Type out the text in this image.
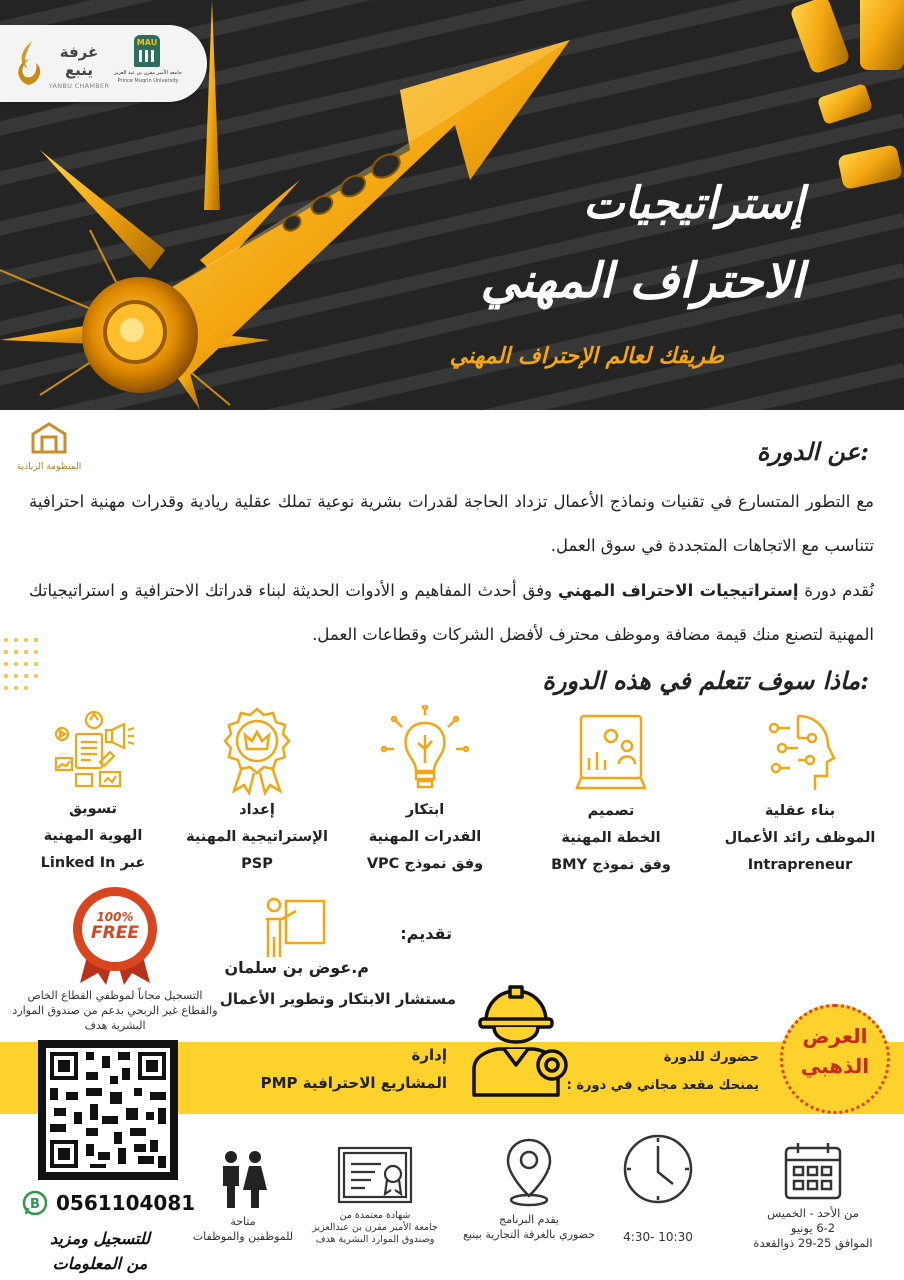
غرفة ينبع
YANBU CHAMBER
MAU
جامعة الأمير مقرن بن عبد العزيز
Prince Muqrin University
إستراتيجيات
الاحتراف المهني
طريقك لعالم الإحتراف المهني
المنظومة الريادية
عن الدورة:
مع التطور المتسارع في تقنيات ونماذج الأعمال تزداد الحاجة لقدرات بشرية نوعية تملك عقلية ريادية وقدرات مهنية احترافية تتناسب مع الاتجاهات المتجددة في سوق العمل.
نُقدم دورة إستراتيجيات الاحتراف المهني وفق أحدث المفاهيم و الأدوات الحديثة لبناء قدراتك الاحترافية و استراتيجياتك المهنية لتصنع منك قيمة مضافة وموظف محترف لأفضل الشركات وقطاعات العمل.
ماذا سوف تتعلم في هذه الدورة:
بناء عقلية
الموظف رائد الأعمال
Intrapreneur
تصميم
الخطة المهنية
وفق نموذج BMY
ابتكار
القدرات المهنية
وفق نموذج VPC
إعداد
الإستراتيجية المهنية
PSP
تسويق
الهوية المهنية
عبر Linked In
100%
FREE
التسجيل مجاناً لموظفي القطاع الخاص والقطاع غير الربحي بدعم من صندوق الموارد البشرية هدف
تقديم:
م.عوض بن سلمان
مستشار الابتكار وتطوير الأعمال
العرض
الذهبي
حضورك للدورة
يمنحك مقعد مجاني في دورة :
إدارة
المشاريع الاحترافية PMP
B 0561104081
للتسجيل ومزيد
من المعلومات
من الأحد - الخميس
6-2 يونيو
الموافق 25-29 ذوالقعدة
10:30 -4:30
يقدم البرنامج
حضوري بالغرفة التجارية بينبع
شهادة معتمدة من
جامعة الأمير مقرن بن عبدالعزيز
وصندوق الموارد البشرية هدف
متاحة
للموظفين والموظفات
